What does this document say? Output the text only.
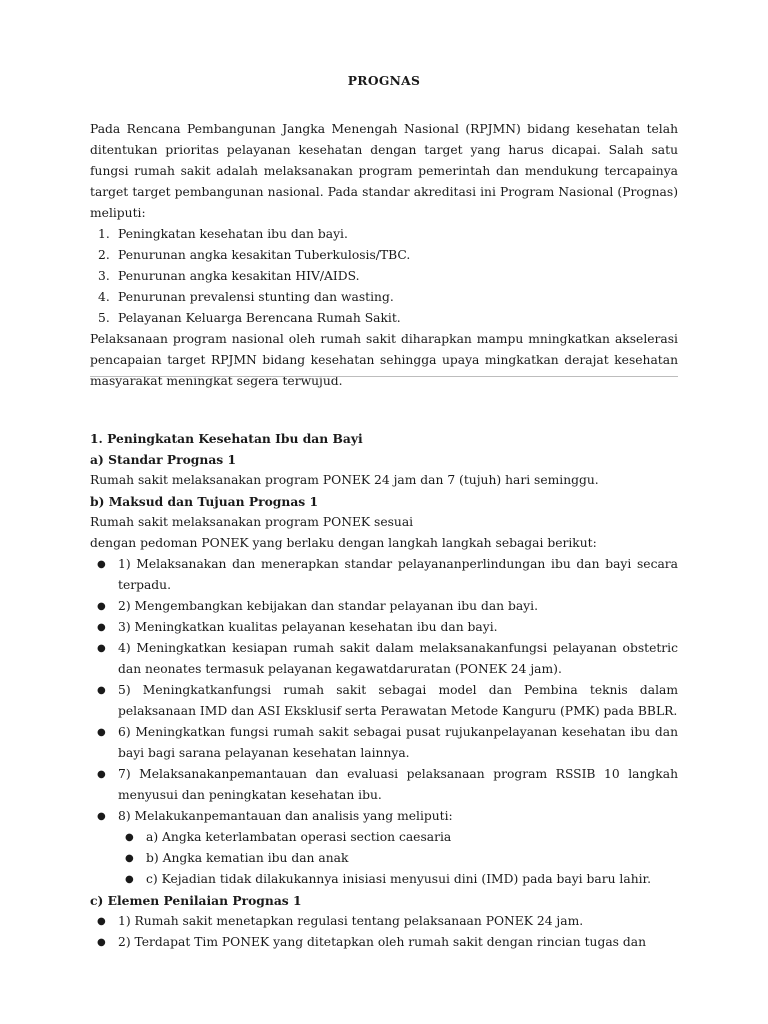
PROGNAS

Pada Rencana Pembangunan Jangka Menengah Nasional (RPJMN) bidang kesehatan telah ditentukan prioritas pelayanan kesehatan dengan target yang harus dicapai. Salah satu fungsi rumah sakit adalah melaksanakan program pemerintah dan mendukung tercapainya target target pembangunan nasional. Pada standar akreditasi ini Program Nasional (Prognas) meliputi:

1. Peningkatan kesehatan ibu dan bayi.
2. Penurunan angka kesakitan Tuberkulosis/TBC.
3. Penurunan angka kesakitan HIV/AIDS.
4. Penurunan prevalensi stunting dan wasting.
5. Pelayanan Keluarga Berencana Rumah Sakit.

Pelaksanaan program nasional oleh rumah sakit diharapkan mampu mningkatkan akselerasi pencapaian target RPJMN bidang kesehatan sehingga upaya mingkatkan derajat kesehatan masyarakat meningkat segera terwujud.

1. Peningkatan Kesehatan Ibu dan Bayi

a) Standar Prognas 1

Rumah sakit melaksanakan program PONEK 24 jam dan 7 (tujuh) hari seminggu.

b) Maksud dan Tujuan Prognas 1

Rumah sakit melaksanakan program PONEK sesuai

dengan pedoman PONEK yang berlaku dengan langkah langkah sebagai berikut:

● 1) Melaksanakan dan menerapkan standar pelayananperlindungan ibu dan bayi secara terpadu.
● 2) Mengembangkan kebijakan dan standar pelayanan ibu dan bayi.
● 3) Meningkatkan kualitas pelayanan kesehatan ibu dan bayi.
● 4) Meningkatkan kesiapan rumah sakit dalam melaksanakanfungsi pelayanan obstetric dan neonates termasuk pelayanan kegawatdaruratan (PONEK 24 jam).
● 5) Meningkatkanfungsi rumah sakit sebagai model dan Pembina teknis dalam pelaksanaan IMD dan ASI Eksklusif serta Perawatan Metode Kanguru (PMK) pada BBLR.
● 6) Meningkatkan fungsi rumah sakit sebagai pusat rujukanpelayanan kesehatan ibu dan bayi bagi sarana pelayanan kesehatan lainnya.
● 7) Melaksanakanpemantauan dan evaluasi pelaksanaan program RSSIB 10 langkah menyusui dan peningkatan kesehatan ibu.
● 8) Melakukanpemantauan dan analisis yang meliputi:
● a) Angka keterlambatan operasi section caesaria
● b) Angka kematian ibu dan anak
● c) Kejadian tidak dilakukannya inisiasi menyusui dini (IMD) pada bayi baru lahir.

c) Elemen Penilaian Prognas 1

● 1) Rumah sakit menetapkan regulasi tentang pelaksanaan PONEK 24 jam.
● 2) Terdapat Tim PONEK yang ditetapkan oleh rumah sakit dengan rincian tugas dan
